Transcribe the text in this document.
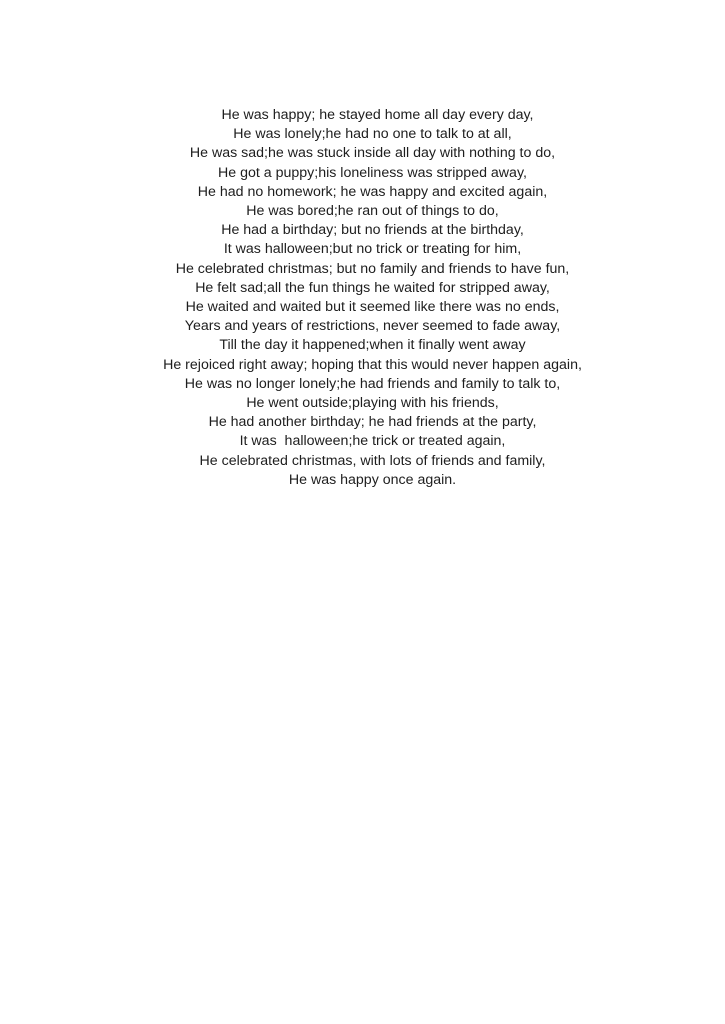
He was happy; he stayed home all day every day,
He was lonely;he had no one to talk to at all,
He was sad;he was stuck inside all day with nothing to do,
He got a puppy;his loneliness was stripped away,
He had no homework; he was happy and excited again,
He was bored;he ran out of things to do,
He had a birthday; but no friends at the birthday,
It was halloween;but no trick or treating for him,
He celebrated christmas; but no family and friends to have fun,
He felt sad;all the fun things he waited for stripped away,
He waited and waited but it seemed like there was no ends,
Years and years of restrictions, never seemed to fade away,
Till the day it happened;when it finally went away
He rejoiced right away; hoping that this would never happen again,
He was no longer lonely;he had friends and family to talk to,
He went outside;playing with his friends,
He had another birthday; he had friends at the party,
It was  halloween;he trick or treated again,
He celebrated christmas, with lots of friends and family,
He was happy once again.
